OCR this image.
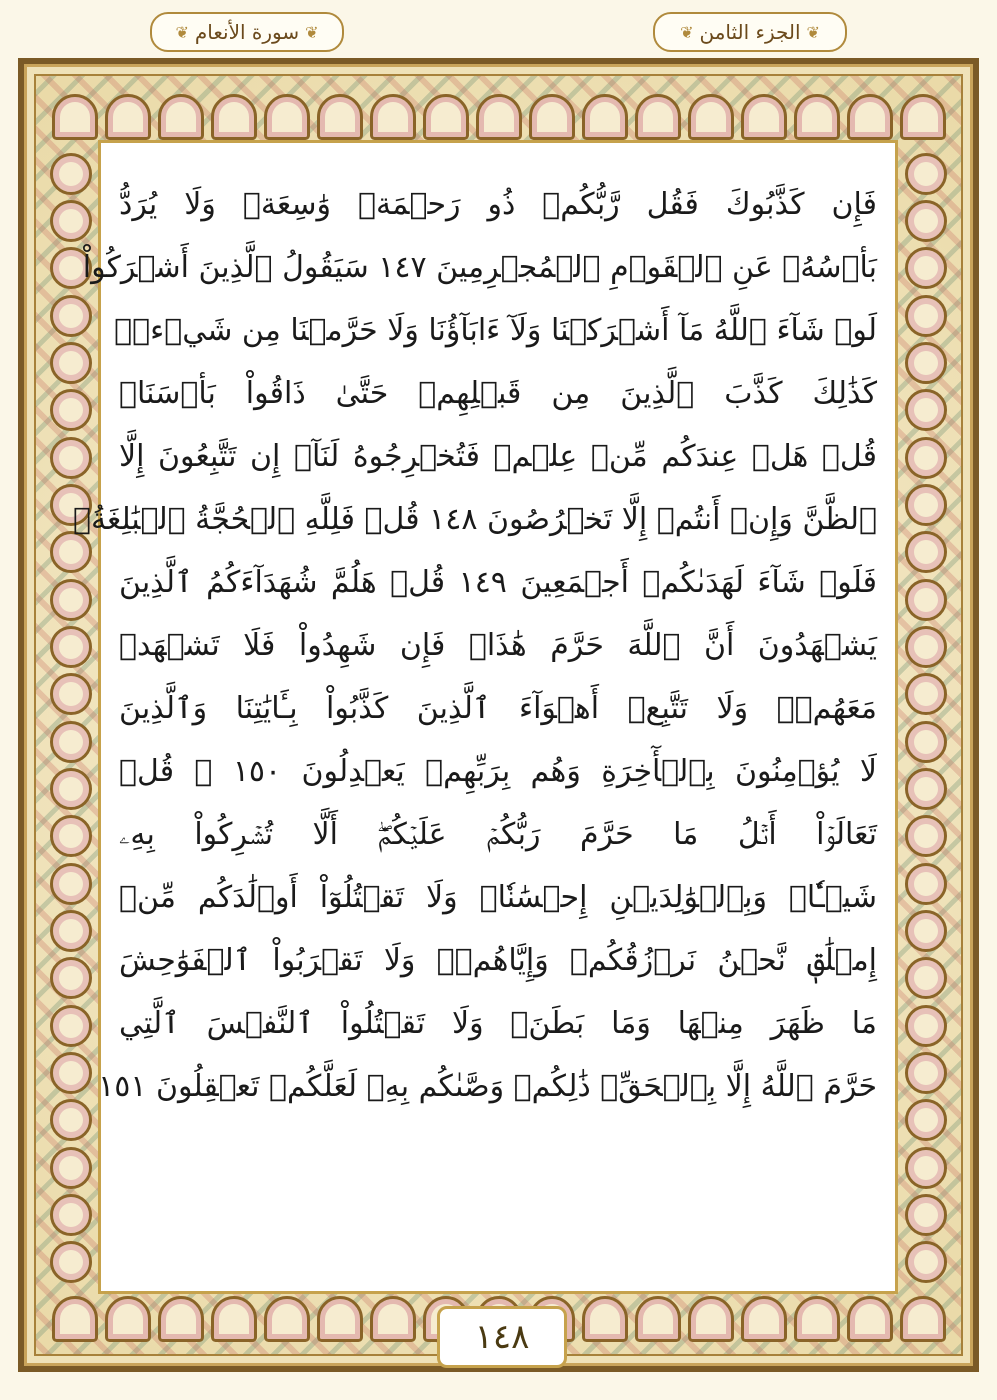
❦ الجزء الثامن
❦
❦ سورة الأنعام
❦
فَإِن كَذَّبُوكَ فَقُل رَّبُّكُمۡ ذُو رَحۡمَةٖ وَٰسِعَةٖ وَلَا يُرَدُّ
بَأۡسُهُۥ عَنِ ٱلۡقَوۡمِ ٱلۡمُجۡرِمِينَ ١٤٧ سَيَقُولُ ٱلَّذِينَ أَشۡرَكُواْ
لَوۡ شَآءَ ٱللَّهُ مَآ أَشۡرَكۡنَا وَلَآ ءَابَآؤُنَا وَلَا حَرَّمۡنَا مِن شَيۡءٖۚ
كَذَٰلِكَ كَذَّبَ ٱلَّذِينَ مِن قَبۡلِهِمۡ حَتَّىٰ ذَاقُواْ بَأۡسَنَاۗ
قُلۡ هَلۡ عِندَكُم مِّنۡ عِلۡمٖ فَتُخۡرِجُوهُ لَنَآۖ إِن تَتَّبِعُونَ إِلَّا
ٱلظَّنَّ وَإِنۡ أَنتُمۡ إِلَّا تَخۡرُصُونَ ١٤٨ قُلۡ فَلِلَّهِ ٱلۡحُجَّةُ ٱلۡبَٰلِغَةُۖ
فَلَوۡ شَآءَ لَهَدَىٰكُمۡ أَجۡمَعِينَ ١٤٩ قُلۡ هَلُمَّ شُهَدَآءَكُمُ ٱلَّذِينَ
يَشۡهَدُونَ أَنَّ ٱللَّهَ حَرَّمَ هَٰذَاۖ فَإِن شَهِدُواْ فَلَا تَشۡهَدۡ
مَعَهُمۡۚ وَلَا تَتَّبِعۡ أَهۡوَآءَ ٱلَّذِينَ كَذَّبُواْ بِـَٔايَٰتِنَا وَٱلَّذِينَ
لَا يُؤۡمِنُونَ بِٱلۡأٓخِرَةِ وَهُم بِرَبِّهِمۡ يَعۡدِلُونَ ١٥٠ ۞ قُلۡ
تَعَالَوۡاْ أَتۡلُ مَا حَرَّمَ رَبُّكُمۡ عَلَيۡكُمۡۖ أَلَّا تُشۡرِكُواْ بِهِۦ
شَيۡـٔٗاۖ وَبِٱلۡوَٰلِدَيۡنِ إِحۡسَٰنٗاۖ وَلَا تَقۡتُلُوٓاْ أَوۡلَٰدَكُم مِّنۡ
إِمۡلَٰقٖ نَّحۡنُ نَرۡزُقُكُمۡ وَإِيَّاهُمۡۖ وَلَا تَقۡرَبُواْ ٱلۡفَوَٰحِشَ
مَا ظَهَرَ مِنۡهَا وَمَا بَطَنَۖ وَلَا تَقۡتُلُواْ ٱلنَّفۡسَ ٱلَّتِي
حَرَّمَ ٱللَّهُ إِلَّا بِٱلۡحَقِّۚ ذَٰلِكُمۡ وَصَّىٰكُم بِهِۦ لَعَلَّكُمۡ تَعۡقِلُونَ ١٥١
١٤٨
